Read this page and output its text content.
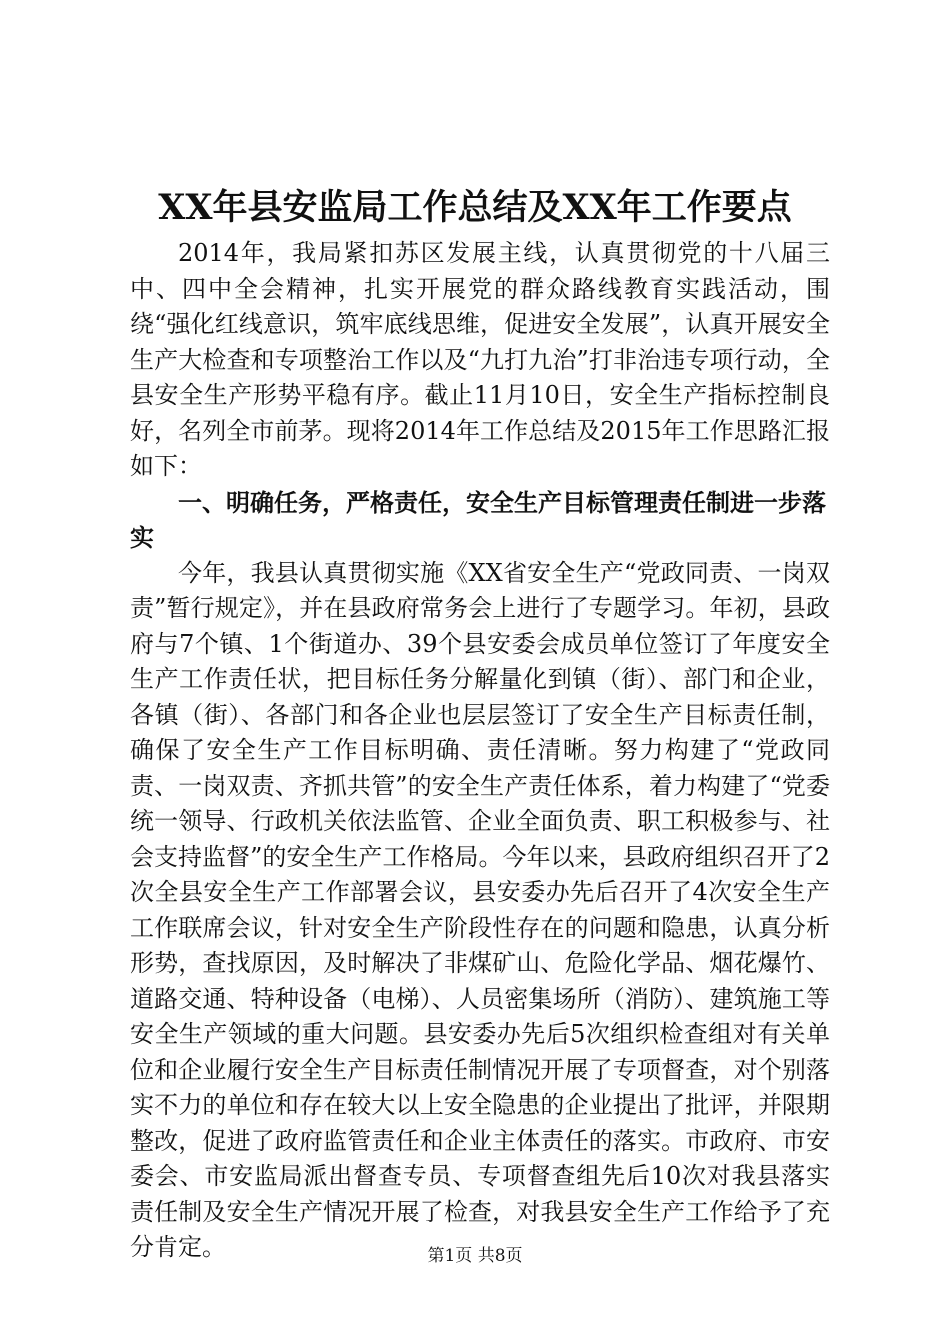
XX年县安监局工作总结及XX年工作要点

2014年，我局紧扣苏区发展主线，认真贯彻党的十八届三中、四中全会精神，扎实开展党的群众路线教育实践活动，围绕“强化红线意识，筑牢底线思维，促进安全发展”，认真开展安全生产大检查和专项整治工作以及“九打九治”打非治违专项行动，全县安全生产形势平稳有序。截止11月10日，安全生产指标控制良好，名列全市前茅。现将2014年工作总结及2015年工作思路汇报如下：

一、明确任务，严格责任，安全生产目标管理责任制进一步落实

今年，我县认真贯彻实施《XX省安全生产“党政同责、一岗双责”暂行规定》，并在县政府常务会上进行了专题学习。年初，县政府与7个镇、1个街道办、39个县安委会成员单位签订了年度安全生产工作责任状，把目标任务分解量化到镇（街）、部门和企业，各镇（街）、各部门和各企业也层层签订了安全生产目标责任制，确保了安全生产工作目标明确、责任清晰。努力构建了“党政同责、一岗双责、齐抓共管”的安全生产责任体系，着力构建了“党委统一领导、行政机关依法监管、企业全面负责、职工积极参与、社会支持监督”的安全生产工作格局。今年以来，县政府组织召开了2次全县安全生产工作部署会议，县安委办先后召开了4次安全生产工作联席会议，针对安全生产阶段性存在的问题和隐患，认真分析形势，查找原因，及时解决了非煤矿山、危险化学品、烟花爆竹、道路交通、特种设备（电梯）、人员密集场所（消防）、建筑施工等安全生产领域的重大问题。县安委办先后5次组织检查组对有关单位和企业履行安全生产目标责任制情况开展了专项督查，对个别落实不力的单位和存在较大以上安全隐患的企业提出了批评，并限期整改，促进了政府监管责任和企业主体责任的落实。市政府、市安委会、市安监局派出督查专员、专项督查组先后10次对我县落实责任制及安全生产情况开展了检查，对我县安全生产工作给予了充分肯定。	第1页 共8页
